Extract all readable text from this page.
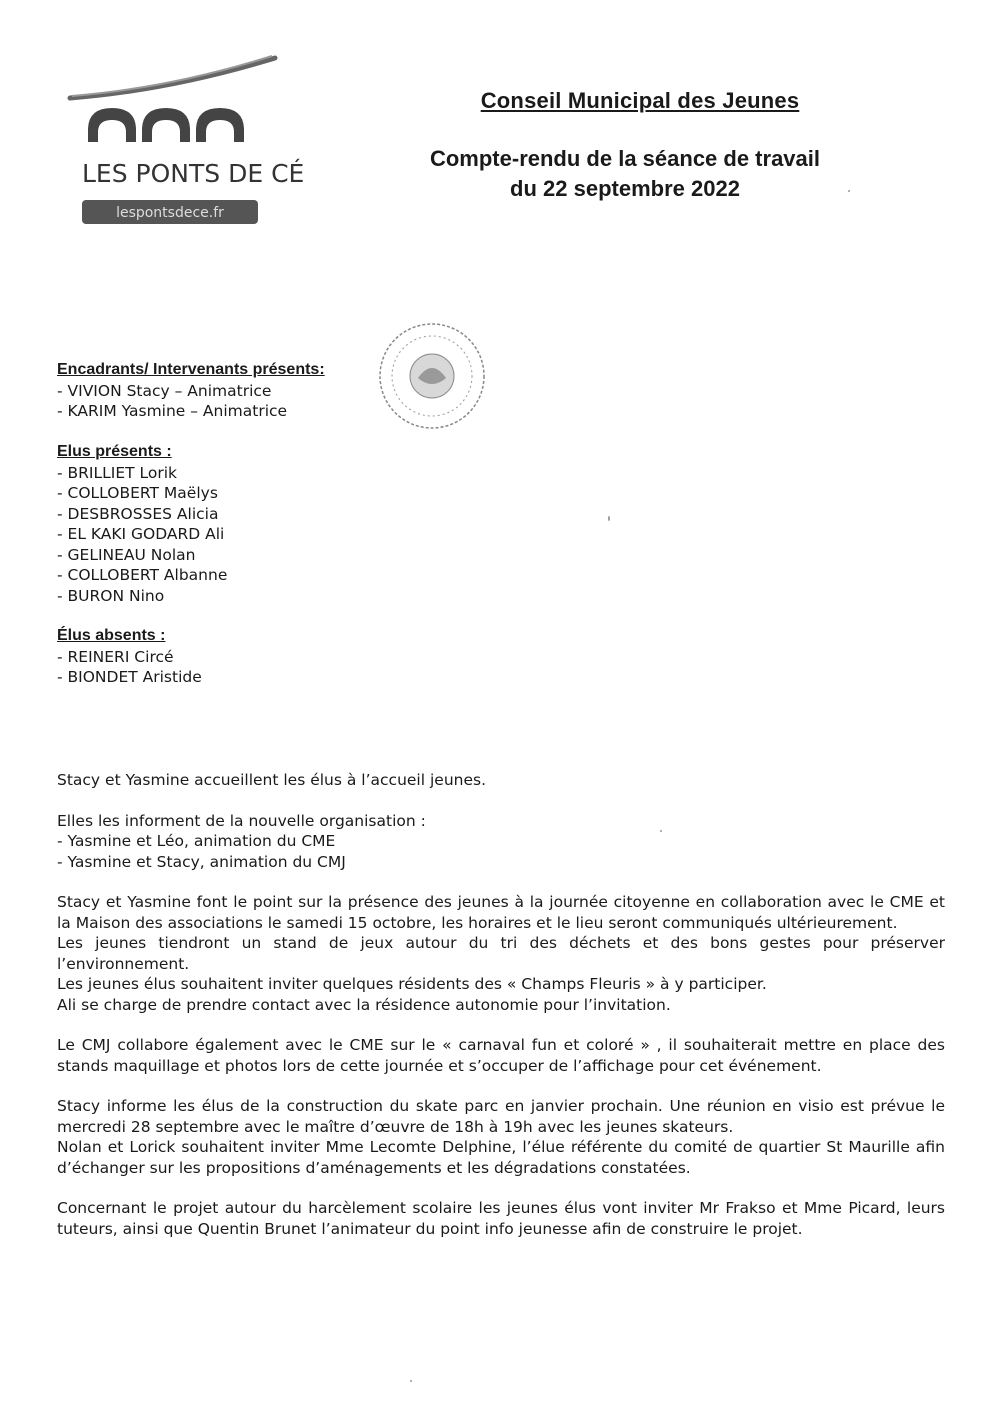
LES PONTS DE CÉ
lespontsdece.fr
Conseil Municipal des Jeunes
Compte-rendu de la séance de travail
du 22 septembre 2022
Encadrants/ Intervenants présents:
- VIVION Stacy – Animatrice
- KARIM Yasmine – Animatrice
Elus présents :
- BRILLIET Lorik
- COLLOBERT Maëlys
- DESBROSSES Alicia
- EL KAKI GODARD Ali
- GELINEAU Nolan
- COLLOBERT Albanne
- BURON Nino
Élus absents :
- REINERI Circé
- BIONDET Aristide

Stacy et Yasmine accueillent les élus à l’accueil jeunes.

Elles les informent de la nouvelle organisation :
- Yasmine et Léo, animation du CME
- Yasmine et Stacy, animation du CMJ

Stacy et Yasmine font le point sur la présence des jeunes à la journée citoyenne en collaboration avec le CME et la Maison des associations le samedi 15 octobre, les horaires et le lieu seront communiqués ultérieurement.
Les jeunes tiendront un stand de jeux autour du tri des déchets et des bons gestes pour préserver l’environnement.
Les jeunes élus souhaitent inviter quelques résidents des « Champs Fleuris » à y participer.
Ali se charge de prendre contact avec la résidence autonomie pour l’invitation.

Le CMJ collabore également avec le CME sur le « carnaval fun et coloré » , il souhaiterait mettre en place des stands maquillage et photos lors de cette journée et s’occuper de l’affichage pour cet événement.

Stacy informe les élus de la construction du skate parc en janvier prochain. Une réunion en visio est prévue le mercredi 28 septembre avec le maître d’œuvre de 18h à 19h avec les jeunes skateurs.
Nolan et Lorick souhaitent inviter Mme Lecomte Delphine, l’élue référente du comité de quartier St Maurille afin d’échanger sur les propositions d’aménagements et les dégradations constatées.

Concernant le projet autour du harcèlement scolaire les jeunes élus vont inviter Mr Frakso et Mme Picard, leurs tuteurs, ainsi que Quentin Brunet l’animateur du point info jeunesse afin de construire le projet.
